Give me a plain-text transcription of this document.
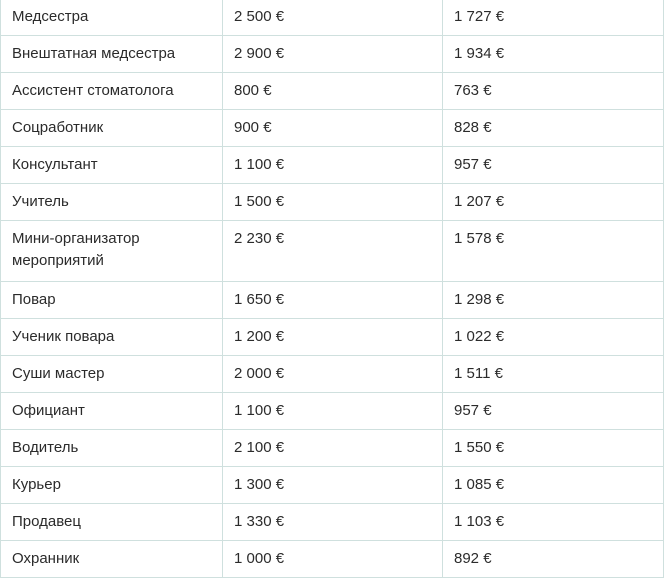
Медсестра	2 500 €	1 727 €
Внештатная медсестра	2 900 €	1 934 €
Ассистент стоматолога	800 €	763 €
Соцработник	900 €	828 €
Консультант	1 100 €	957 €
Учитель	1 500 €	1 207 €
Мини-организатор мероприятий	2 230 €	1 578 €
Повар	1 650 €	1 298 €
Ученик повара	1 200 €	1 022 €
Суши мастер	2 000 €	1 511 €
Официант	1 100 €	957 €
Водитель	2 100 €	1 550 €
Курьер	1 300 €	1 085 €
Продавец	1 330 €	1 103 €
Охранник	1 000 €	892 €
